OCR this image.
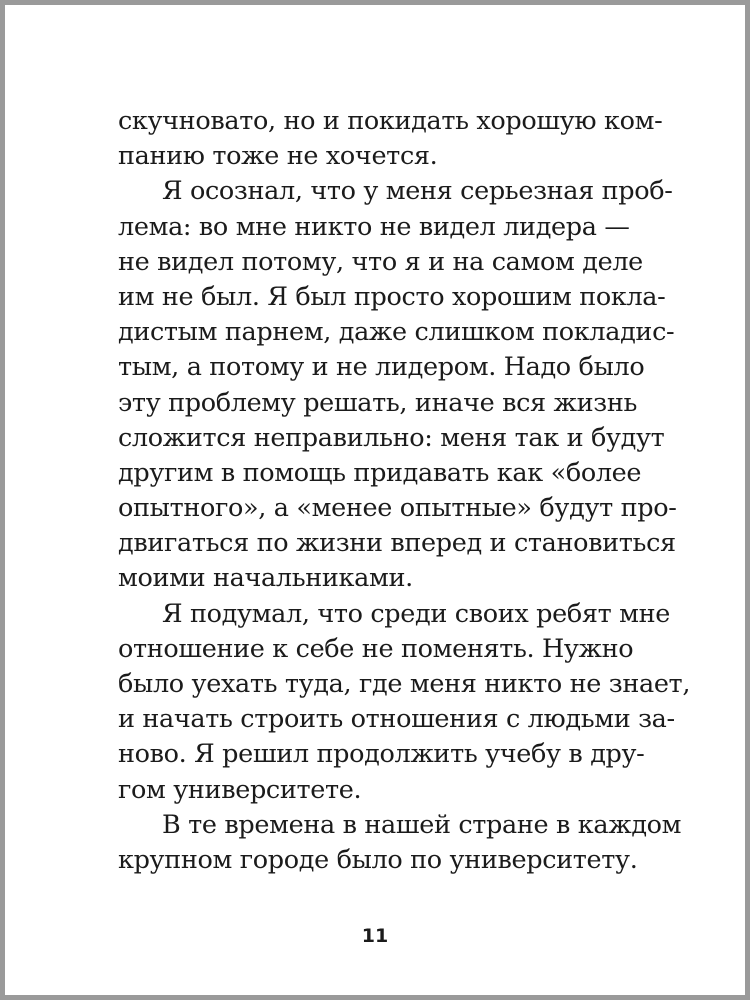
скучновато, но и покидать хорошую ком-
панию тоже не хочется.
Я осознал, что у меня серьезная проб-
лема: во мне никто не видел лидера —
не видел потому, что я и на самом деле
им не был. Я был просто хорошим покла-
дистым парнем, даже слишком покладис-
тым, а потому и не лидером. Надо было
эту проблему решать, иначе вся жизнь
сложится неправильно: меня так и будут
другим в помощь придавать как «более
опытного», а «менее опытные» будут про-
двигаться по жизни вперед и становиться
моими начальниками.
Я подумал, что среди своих ребят мне
отношение к себе не поменять. Нужно
было уехать туда, где меня никто не знает,
и начать строить отношения с людьми за-
ново. Я решил продолжить учебу в дру-
гом университете.
В те времена в нашей стране в каждом
крупном городе было по университету.
11
